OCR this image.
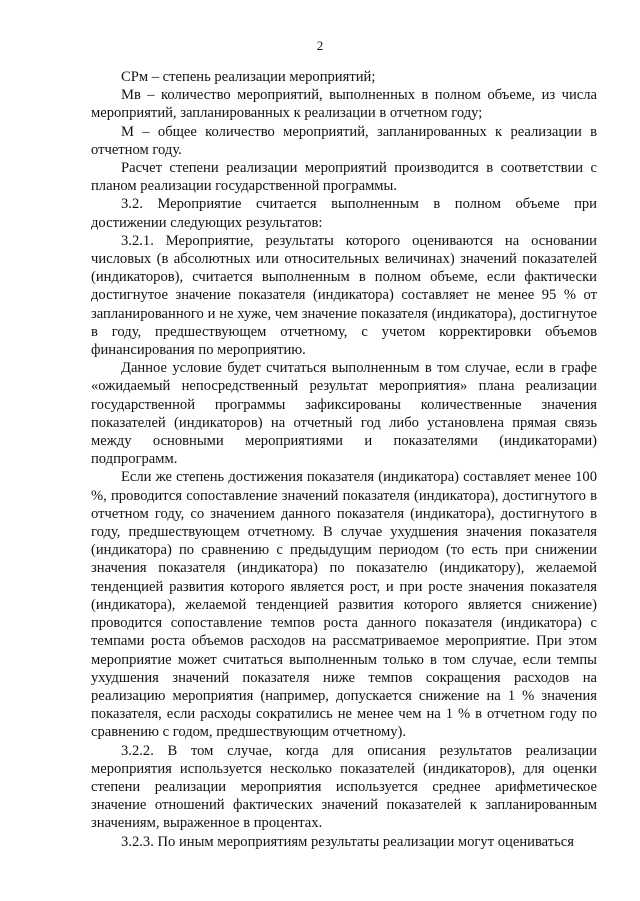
2

СРм – степень реализации мероприятий;

Мв – количество мероприятий, выполненных в полном объеме, из числа мероприятий, запланированных к реализации в отчетном году;

М – общее количество мероприятий, запланированных к реализации в отчетном году.

Расчет степени реализации мероприятий производится в соответствии с планом реализации государственной программы.

3.2. Мероприятие считается выполненным в полном объеме при достижении следующих результатов:

3.2.1. Мероприятие, результаты которого оцениваются на основании числовых (в абсолютных или относительных величинах) значений показателей (индикаторов), считается выполненным в полном объеме, если фактически достигнутое значение показателя (индикатора) составляет не менее 95 % от запланированного и не хуже, чем значение показателя (индикатора), достигнутое в году, предшествующем отчетному, с учетом корректировки объемов финансирования по мероприятию.

Данное условие будет считаться выполненным в том случае, если в графе «ожидаемый непосредственный результат мероприятия» плана реализации государственной программы зафиксированы количественные значения показателей (индикаторов) на отчетный год либо установлена прямая связь между основными мероприятиями и показателями (индикаторами) подпрограмм.

Если же степень достижения показателя (индикатора) составляет менее 100 %, проводится сопоставление значений показателя (индикатора), достигнутого в отчетном году, со значением данного показателя (индикатора), достигнутого в году, предшествующем отчетному. В случае ухудшения значения показателя (индикатора) по сравнению с предыдущим периодом (то есть при снижении значения показателя (индикатора) по показателю (индикатору), желаемой тенденцией развития которого является рост, и при росте значения показателя (индикатора), желаемой тенденцией развития которого является снижение) проводится сопоставление темпов роста данного показателя (индикатора) с темпами роста объемов расходов на рассматриваемое мероприятие. При этом мероприятие может считаться выполненным только в том случае, если темпы ухудшения значений показателя ниже темпов сокращения расходов на реализацию мероприятия (например, допускается снижение на 1 % значения показателя, если расходы сократились не менее чем на 1 % в отчетном году по сравнению с годом, предшествующим отчетному).

3.2.2. В том случае, когда для описания результатов реализации мероприятия используется несколько показателей (индикаторов), для оценки степени реализации мероприятия используется среднее арифметическое значение отношений фактических значений показателей к запланированным значениям, выраженное в процентах.

3.2.3. По иным мероприятиям результаты реализации могут оцениваться
